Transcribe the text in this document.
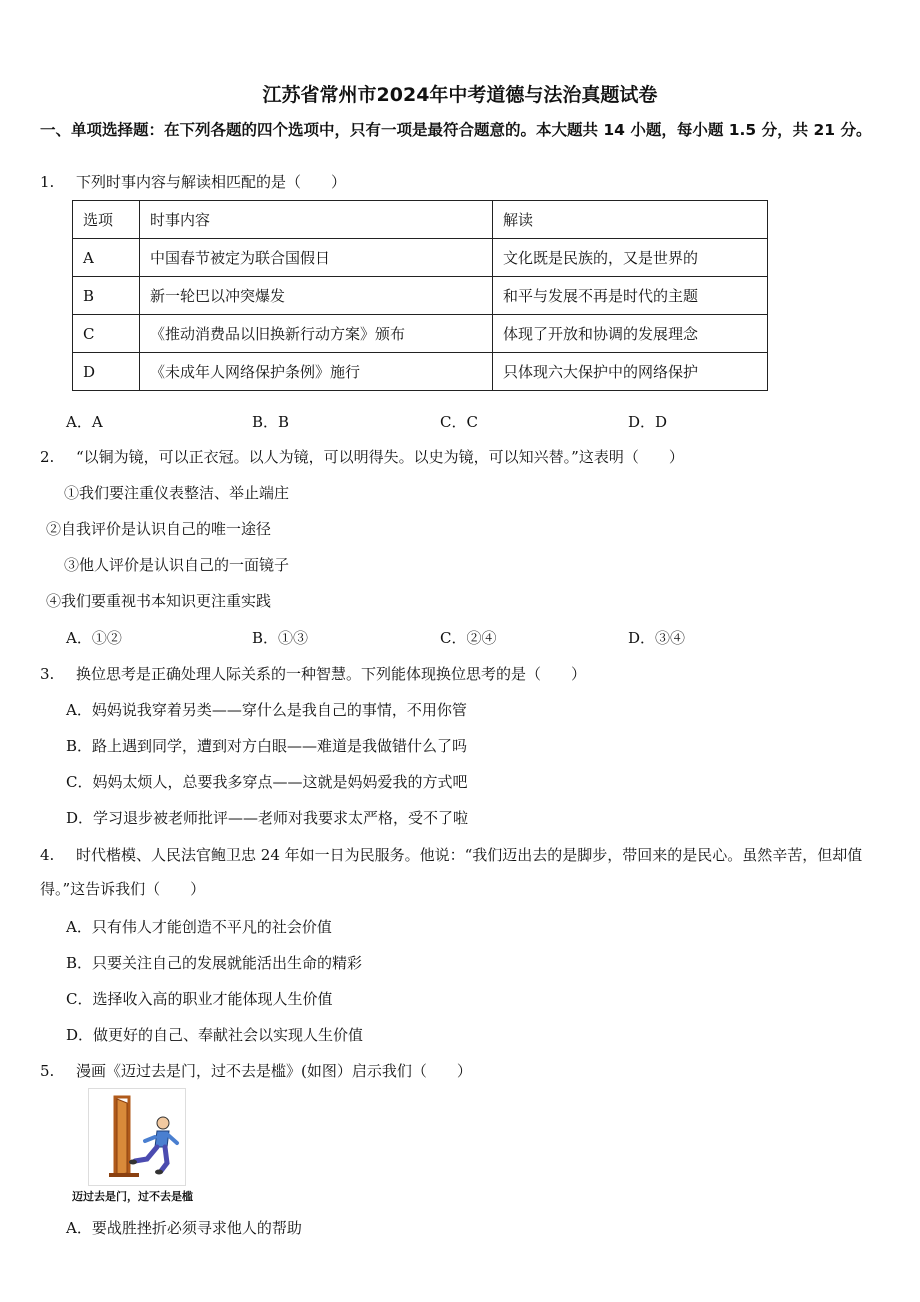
江苏省常州市2024年中考道德与法治真题试卷
一、单项选择题：在下列各题的四个选项中，只有一项是最符合题意的。本大题共 14 小题，每小题 1.5 分，共 21 分。
1. 下列时事内容与解读相匹配的是（　　）
选项	时事内容	解读
A	中国春节被定为联合国假日	文化既是民族的，又是世界的
B	新一轮巴以冲突爆发	和平与发展不再是时代的主题
C	《推动消费品以旧换新行动方案》颁布	体现了开放和协调的发展理念
D	《未成年人网络保护条例》施行	只体现六大保护中的网络保护
A．A	B．B	C．C	D．D
2. “以铜为镜，可以正衣冠。以人为镜，可以明得失。以史为镜，可以知兴替。”这表明（　　）
①我们要注重仪表整洁、举止端庄
②自我评价是认识自己的唯一途径
③他人评价是认识自己的一面镜子
④我们要重视书本知识更注重实践
A．①②	B．①③	C．②④	D．③④
3. 换位思考是正确处理人际关系的一种智慧。下列能体现换位思考的是（　　）
A．妈妈说我穿着另类——穿什么是我自己的事情，不用你管
B．路上遇到同学，遭到对方白眼——难道是我做错什么了吗
C．妈妈太烦人，总要我多穿点——这就是妈妈爱我的方式吧
D．学习退步被老师批评——老师对我要求太严格，受不了啦
4. 时代楷模、人民法官鲍卫忠 24 年如一日为民服务。他说：“我们迈出去的是脚步，带回来的是民心。虽然辛苦，但却值得。”这告诉我们（　　）
A．只有伟人才能创造不平凡的社会价值
B．只要关注自己的发展就能活出生命的精彩
C．选择收入高的职业才能体现人生价值
D．做更好的自己、奉献社会以实现人生价值
5. 漫画《迈过去是门，过不去是槛》(如图）启示我们（　　）
迈过去是门，过不去是槛
A．要战胜挫折必须寻求他人的帮助
